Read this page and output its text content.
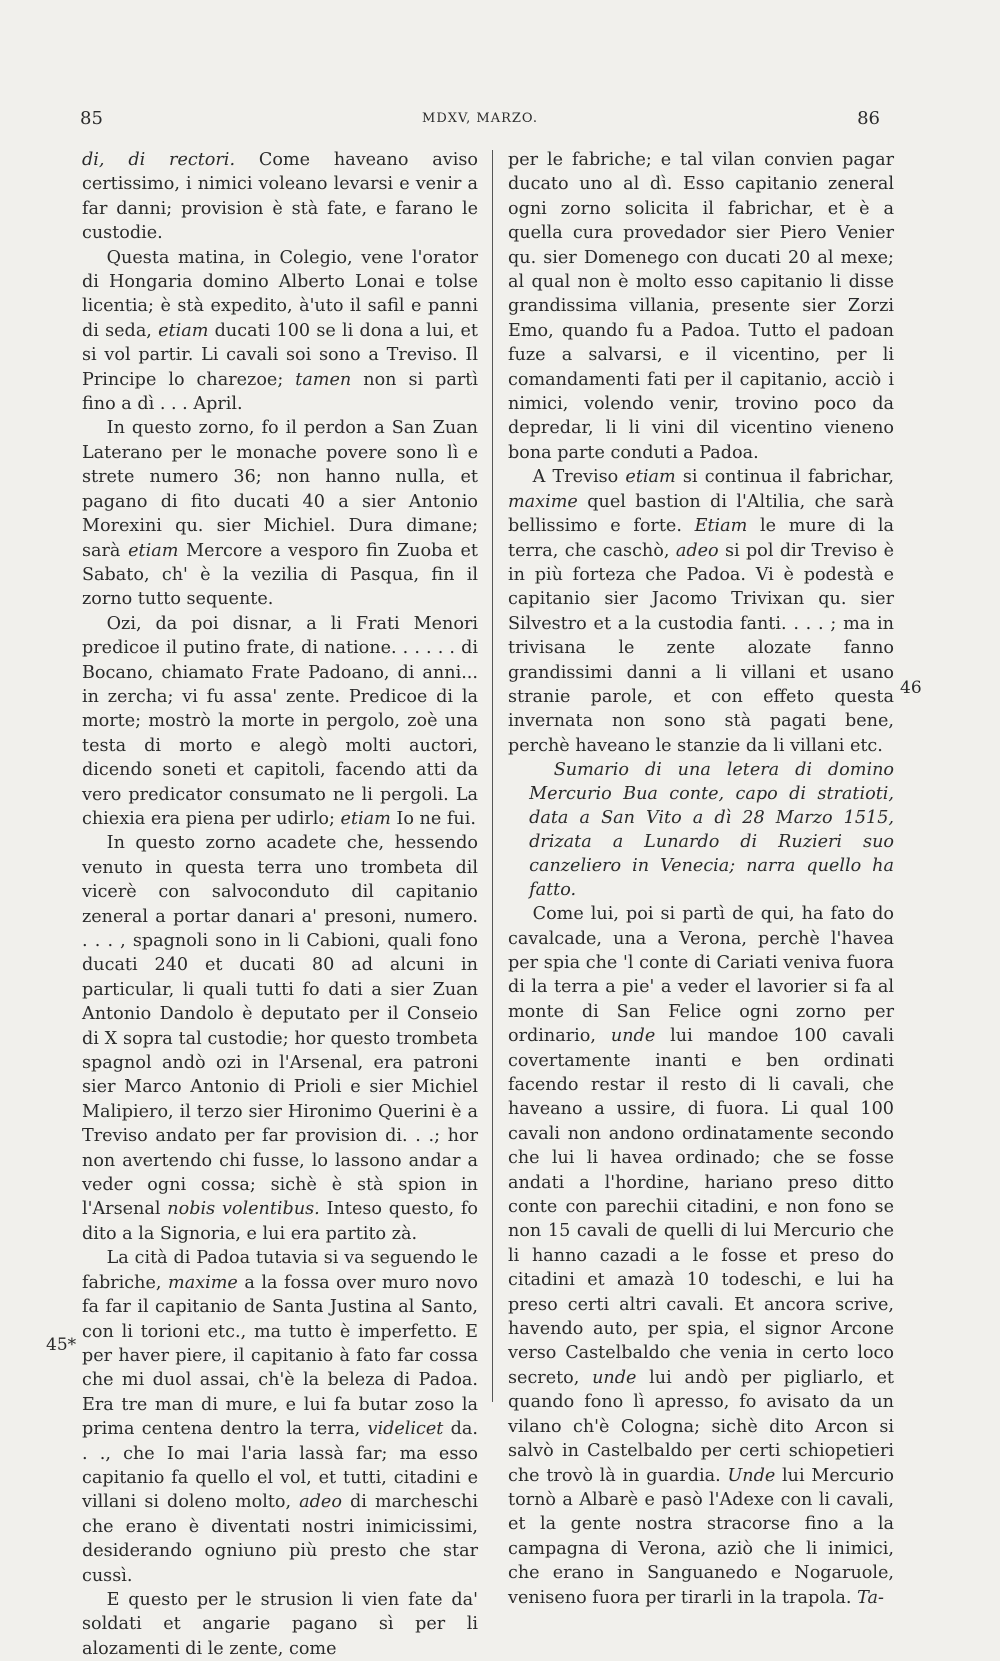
85	MDXV, MARZO.	86

di, di rectori. Come haveano aviso certissimo, i nimici voleano levarsi e venir a far danni; provision è stà fate, e farano le custodie.

Questa matina, in Colegio, vene l'orator di Hongaria domino Alberto Lonai e tolse licentia; è stà expedito, à'uto il safil e panni di seda, etiam ducati 100 se li dona a lui, et si vol partir. Li cavali soi sono a Treviso. Il Principe lo charezoe; tamen non si partì fino a dì . . . April.

In questo zorno, fo il perdon a San Zuan Laterano per le monache povere sono lì e strete numero 36; non hanno nulla, et pagano di fito ducati 40 a sier Antonio Morexini qu. sier Michiel. Dura dimane; sarà etiam Mercore a vesporo fin Zuoba et Sabato, ch' è la vezilia di Pasqua, fin il zorno tutto sequente.

Ozi, da poi disnar, a li Frati Menori predicoe il putino frate, di natione. . . . . . di Bocano, chiamato Frate Padoano, di anni... in zercha; vi fu assa' zente. Predicoe di la morte; mostrò la morte in pergolo, zoè una testa di morto e alegò molti auctori, dicendo soneti et capitoli, facendo atti da vero predicator consumato ne li pergoli. La chiexia era piena per udirlo; etiam Io ne fui.

In questo zorno acadete che, hessendo venuto in questa terra uno trombeta dil vicerè con salvoconduto dil capitanio zeneral a portar danari a' presoni, numero. . . . , spagnoli sono in li Cabioni, quali fono ducati 240 et ducati 80 ad alcuni in particular, li quali tutti fo dati a sier Zuan Antonio Dandolo è deputato per il Conseio di X sopra tal custodie; hor questo trombeta spagnol andò ozi in l'Arsenal, era patroni sier Marco Antonio di Prioli e sier Michiel Malipiero, il terzo sier Hironimo Querini è a Treviso andato per far provision di. . .; hor non avertendo chi fusse, lo lassono andar a veder ogni cossa; sichè è stà spion in l'Arsenal nobis volentibus. Inteso questo, fo dito a la Signoria, e lui era partito zà.

La cità di Padoa tutavia si va seguendo le fabriche, maxime a la fossa over muro novo fa far il capitanio de Santa Justina al Santo, con li torioni etc., ma tutto è imperfetto. E per haver piere, il capitanio à fato far cossa che mi duol assai, ch'è la beleza di Padoa. Era tre man di mure, e lui fa butar zoso la prima centena dentro la terra, videlicet da. . ., che Io mai l'aria lassà far; ma esso capitanio fa quello el vol, et tutti, citadini e villani si doleno molto, adeo di marcheschi che erano è diventati nostri inimicissimi, desiderando ogniuno più presto che star cussì.

E questo per le strusion li vien fate da' soldati et angarie pagano sì per li alozamenti di le zente, come

per le fabriche; e tal vilan convien pagar ducato uno al dì. Esso capitanio zeneral ogni zorno solicita il fabrichar, et è a quella cura provedador sier Piero Venier qu. sier Domenego con ducati 20 al mexe; al qual non è molto esso capitanio li disse grandissima villania, presente sier Zorzi Emo, quando fu a Padoa. Tutto el padoan fuze a salvarsi, e il vicentino, per li comandamenti fati per il capitanio, acciò i nimici, volendo venir, trovino poco da depredar, li li vini dil vicentino vieneno bona parte conduti a Padoa.

A Treviso etiam si continua il fabrichar, maxime quel bastion di l'Altilia, che sarà bellissimo e forte. Etiam le mure di la terra, che caschò, adeo si pol dir Treviso è in più forteza che Padoa. Vi è podestà e capitanio sier Jacomo Trivixan qu. sier Silvestro et a la custodia fanti. . . . ; ma in trivisana le zente alozate fanno grandissimi danni a li villani et usano stranie parole, et con effeto questa invernata non sono stà pagati bene, perchè haveano le stanzie da li villani etc.

Sumario di una letera di domino Mercurio Bua conte, capo di stratioti, data a San Vito a dì 28 Marzo 1515, drizata a Lunardo di Ruzieri suo canzeliero in Venecia; narra quello ha fatto.

Come lui, poi si partì de qui, ha fato do cavalcade, una a Verona, perchè l'havea per spia che 'l conte di Cariati veniva fuora di la terra a pie' a veder el lavorier si fa al monte di San Felice ogni zorno per ordinario, unde lui mandoe 100 cavali covertamente inanti e ben ordinati facendo restar il resto di li cavali, che haveano a ussire, di fuora. Li qual 100 cavali non andono ordinatamente secondo che lui li havea ordinado; che se fosse andati a l'hordine, hariano preso ditto conte con parechii citadini, e non fono se non 15 cavali de quelli di lui Mercurio che li hanno cazadi a le fosse et preso do citadini et amazà 10 todeschi, e lui ha preso certi altri cavali. Et ancora scrive, havendo auto, per spia, el signor Arcone verso Castelbaldo che venia in certo loco secreto, unde lui andò per pigliarlo, et quando fono lì apresso, fo avisato da un vilano ch'è Cologna; sichè dito Arcon si salvò in Castelbaldo per certi schiopetieri che trovò là in guardia. Unde lui Mercurio tornò a Albarè e pasò l'Adexe con li cavali, et la gente nostra stracorse fino a la campagna di Verona, aziò che li inimici, che erano in Sanguanedo e Nogaruole, veniseno fuora per tirarli in la trapola. Ta-

45*
46
